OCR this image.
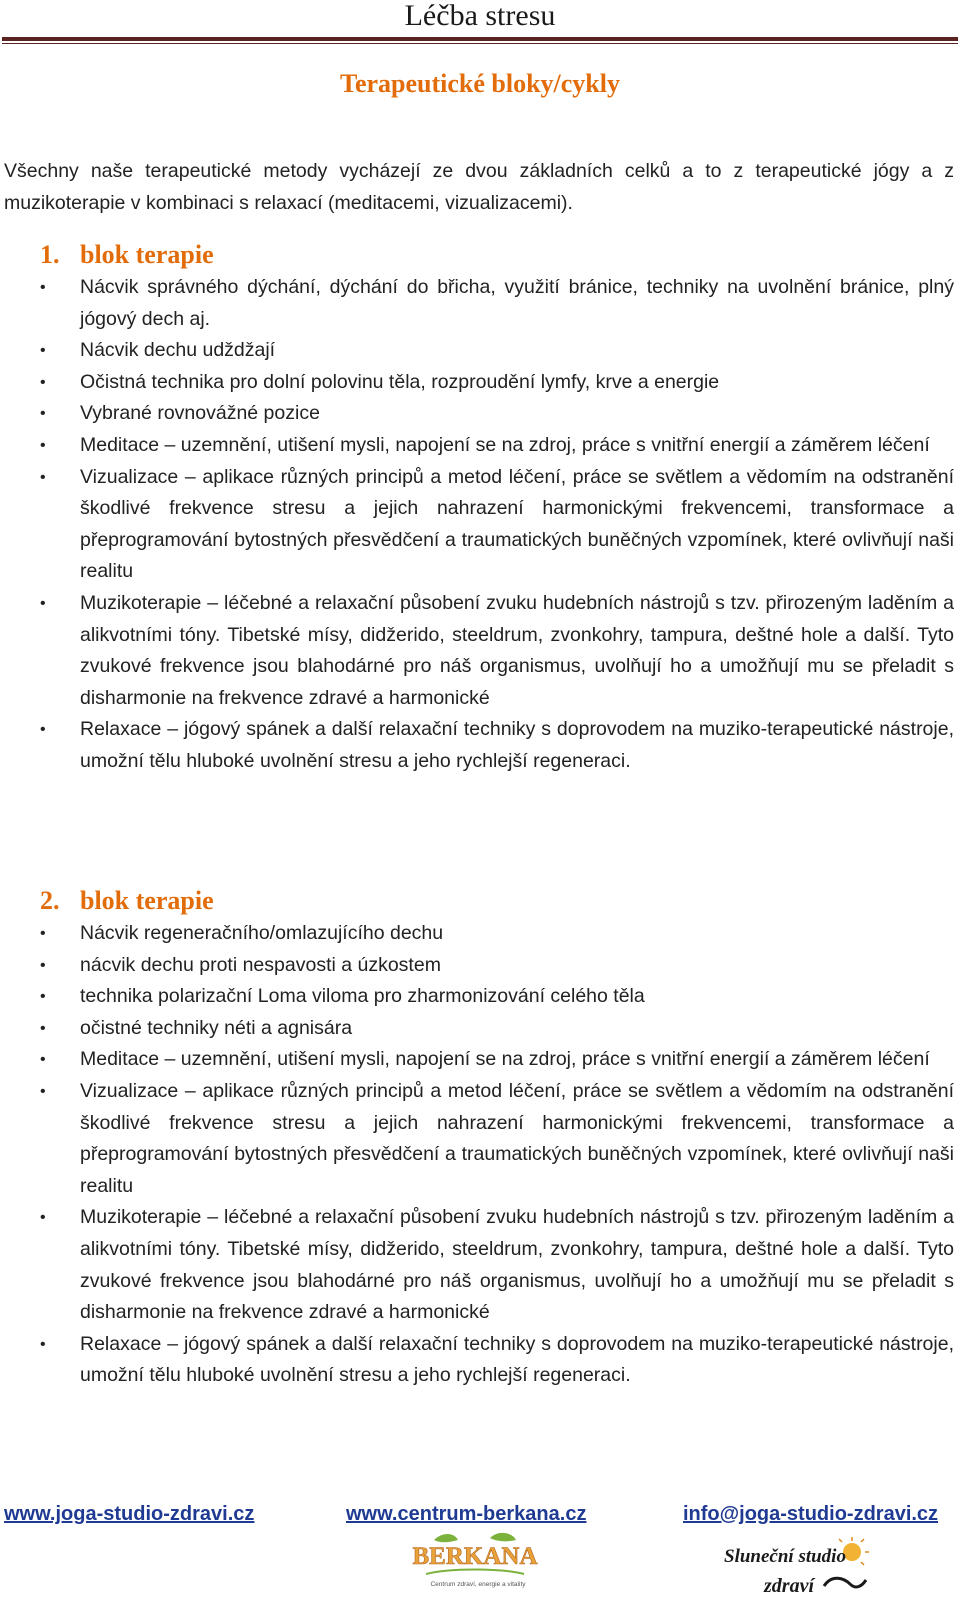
Léčba stresu
Terapeutické bloky/cykly

Všechny naše terapeutické metody vycházejí ze dvou základních celků a to z terapeutické jógy a z muzikoterapie v kombinaci s relaxací (meditacemi, vizualizacemi).

1. blok terapie
• Nácvik správného dýchání, dýchání do břicha, využití bránice, techniky na uvolnění bránice, plný jógový dech aj.
• Nácvik dechu udždžají
• Očistná technika pro dolní polovinu těla, rozproudění lymfy, krve a energie
• Vybrané rovnovážné pozice
• Meditace – uzemnění, utišení mysli, napojení se na zdroj, práce s vnitřní energií a záměrem léčení
• Vizualizace – aplikace různých principů a metod léčení, práce se světlem a vědomím na odstranění škodlivé frekvence stresu a jejich nahrazení harmonickými frekvencemi, transformace a přeprogramování bytostných přesvědčení a traumatických buněčných vzpomínek, které ovlivňují naši realitu
• Muzikoterapie – léčebné a relaxační působení zvuku hudebních nástrojů s tzv. přirozeným laděním a alikvotními tóny. Tibetské mísy, didžerido, steeldrum, zvonkohry, tampura, deštné hole a další. Tyto zvukové frekvence jsou blahodárné pro náš organismus, uvolňují ho a umožňují mu se přeladit s disharmonie na frekvence zdravé a harmonické
• Relaxace – jógový spánek a další relaxační techniky s doprovodem na muziko-terapeutické nástroje, umožní tělu hluboké uvolnění stresu a jeho rychlejší regeneraci.
2. blok terapie
• Nácvik regeneračního/omlazujícího dechu
• nácvik dechu proti nespavosti a úzkostem
• technika polarizační Loma viloma pro zharmonizování celého těla
• očistné techniky néti a agnisára
• Meditace – uzemnění, utišení mysli, napojení se na zdroj, práce s vnitřní energií a záměrem léčení
• Vizualizace – aplikace různých principů a metod léčení, práce se světlem a vědomím na odstranění škodlivé frekvence stresu a jejich nahrazení harmonickými frekvencemi, transformace a přeprogramování bytostných přesvědčení a traumatických buněčných vzpomínek, které ovlivňují naši realitu
• Muzikoterapie – léčebné a relaxační působení zvuku hudebních nástrojů s tzv. přirozeným laděním a alikvotními tóny. Tibetské mísy, didžerido, steeldrum, zvonkohry, tampura, deštné hole a další. Tyto zvukové frekvence jsou blahodárné pro náš organismus, uvolňují ho a umožňují mu se přeladit s disharmonie na frekvence zdravé a harmonické
• Relaxace – jógový spánek a další relaxační techniky s doprovodem na muziko-terapeutické nástroje, umožní tělu hluboké uvolnění stresu a jeho rychlejší regeneraci.
www.joga-studio-zdravi.cz	www.centrum-berkana.cz	info@joga-studio-zdravi.cz
BERKANA
Centrum zdraví, energie a vitality
Sluneční studio
zdraví
